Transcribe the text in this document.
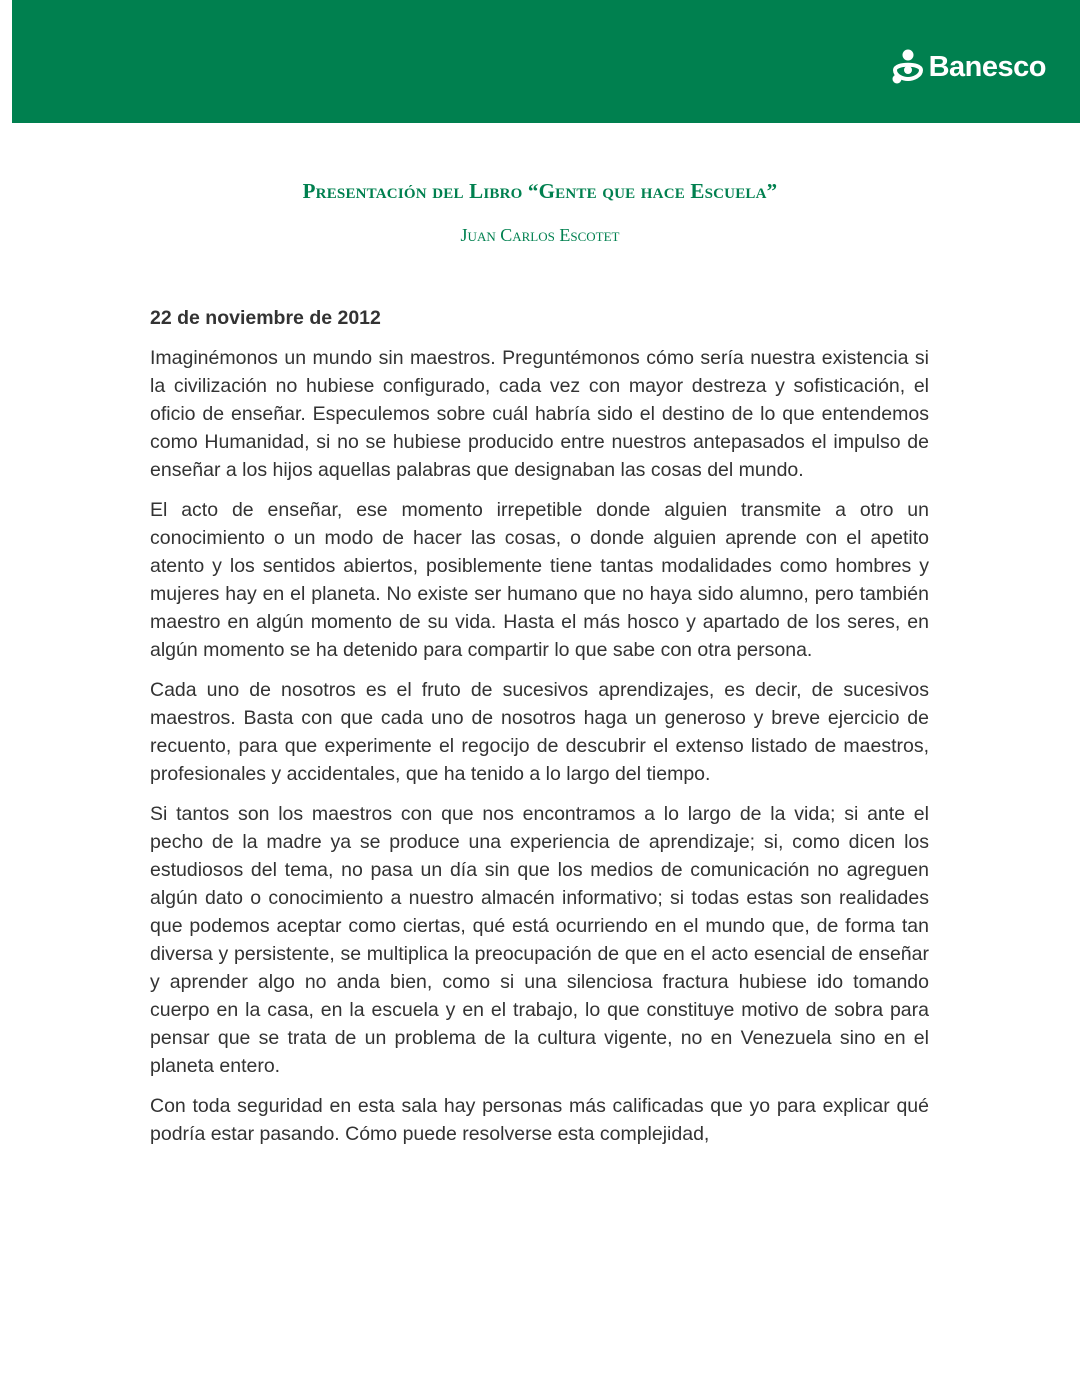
Banesco
Presentación del Libro “Gente que hace Escuela”
Juan Carlos Escotet

22 de noviembre de 2012

Imaginémonos un mundo sin maestros. Preguntémonos cómo sería nuestra existencia si la civilización no hubiese configurado, cada vez con mayor destreza y sofisticación, el oficio de enseñar. Especulemos sobre cuál habría sido el destino de lo que entendemos como Humanidad, si no se hubiese producido entre nuestros antepasados el impulso de enseñar a los hijos aquellas palabras que designaban las cosas del mundo.

El acto de enseñar, ese momento irrepetible donde alguien transmite a otro un conocimiento o un modo de hacer las cosas, o donde alguien aprende con el apetito atento y los sentidos abiertos, posiblemente tiene tantas modalidades como hombres y mujeres hay en el planeta. No existe ser humano que no haya sido alumno, pero también maestro en algún momento de su vida. Hasta el más hosco y apartado de los seres, en algún momento se ha detenido para compartir lo que sabe con otra persona.

Cada uno de nosotros es el fruto de sucesivos aprendizajes, es decir, de sucesivos maestros. Basta con que cada uno de nosotros haga un generoso y breve ejercicio de recuento, para que experimente el regocijo de descubrir el extenso listado de maestros, profesionales y accidentales, que ha tenido a lo largo del tiempo.

Si tantos son los maestros con que nos encontramos a lo largo de la vida; si ante el pecho de la madre ya se produce una experiencia de aprendizaje; si, como dicen los estudiosos del tema, no pasa un día sin que los medios de comunicación no agreguen algún dato o conocimiento a nuestro almacén informativo; si todas estas son realidades que podemos aceptar como ciertas, qué está ocurriendo en el mundo que, de forma tan diversa y persistente, se multiplica la preocupación de que en el acto esencial de enseñar y aprender algo no anda bien, como si una silenciosa fractura hubiese ido tomando cuerpo en la casa, en la escuela y en el trabajo, lo que constituye motivo de sobra para pensar que se trata de un problema de la cultura vigente, no en Venezuela sino en el planeta entero.

Con toda seguridad en esta sala hay personas más calificadas que yo para explicar qué podría estar pasando. Cómo puede resolverse esta complejidad,
